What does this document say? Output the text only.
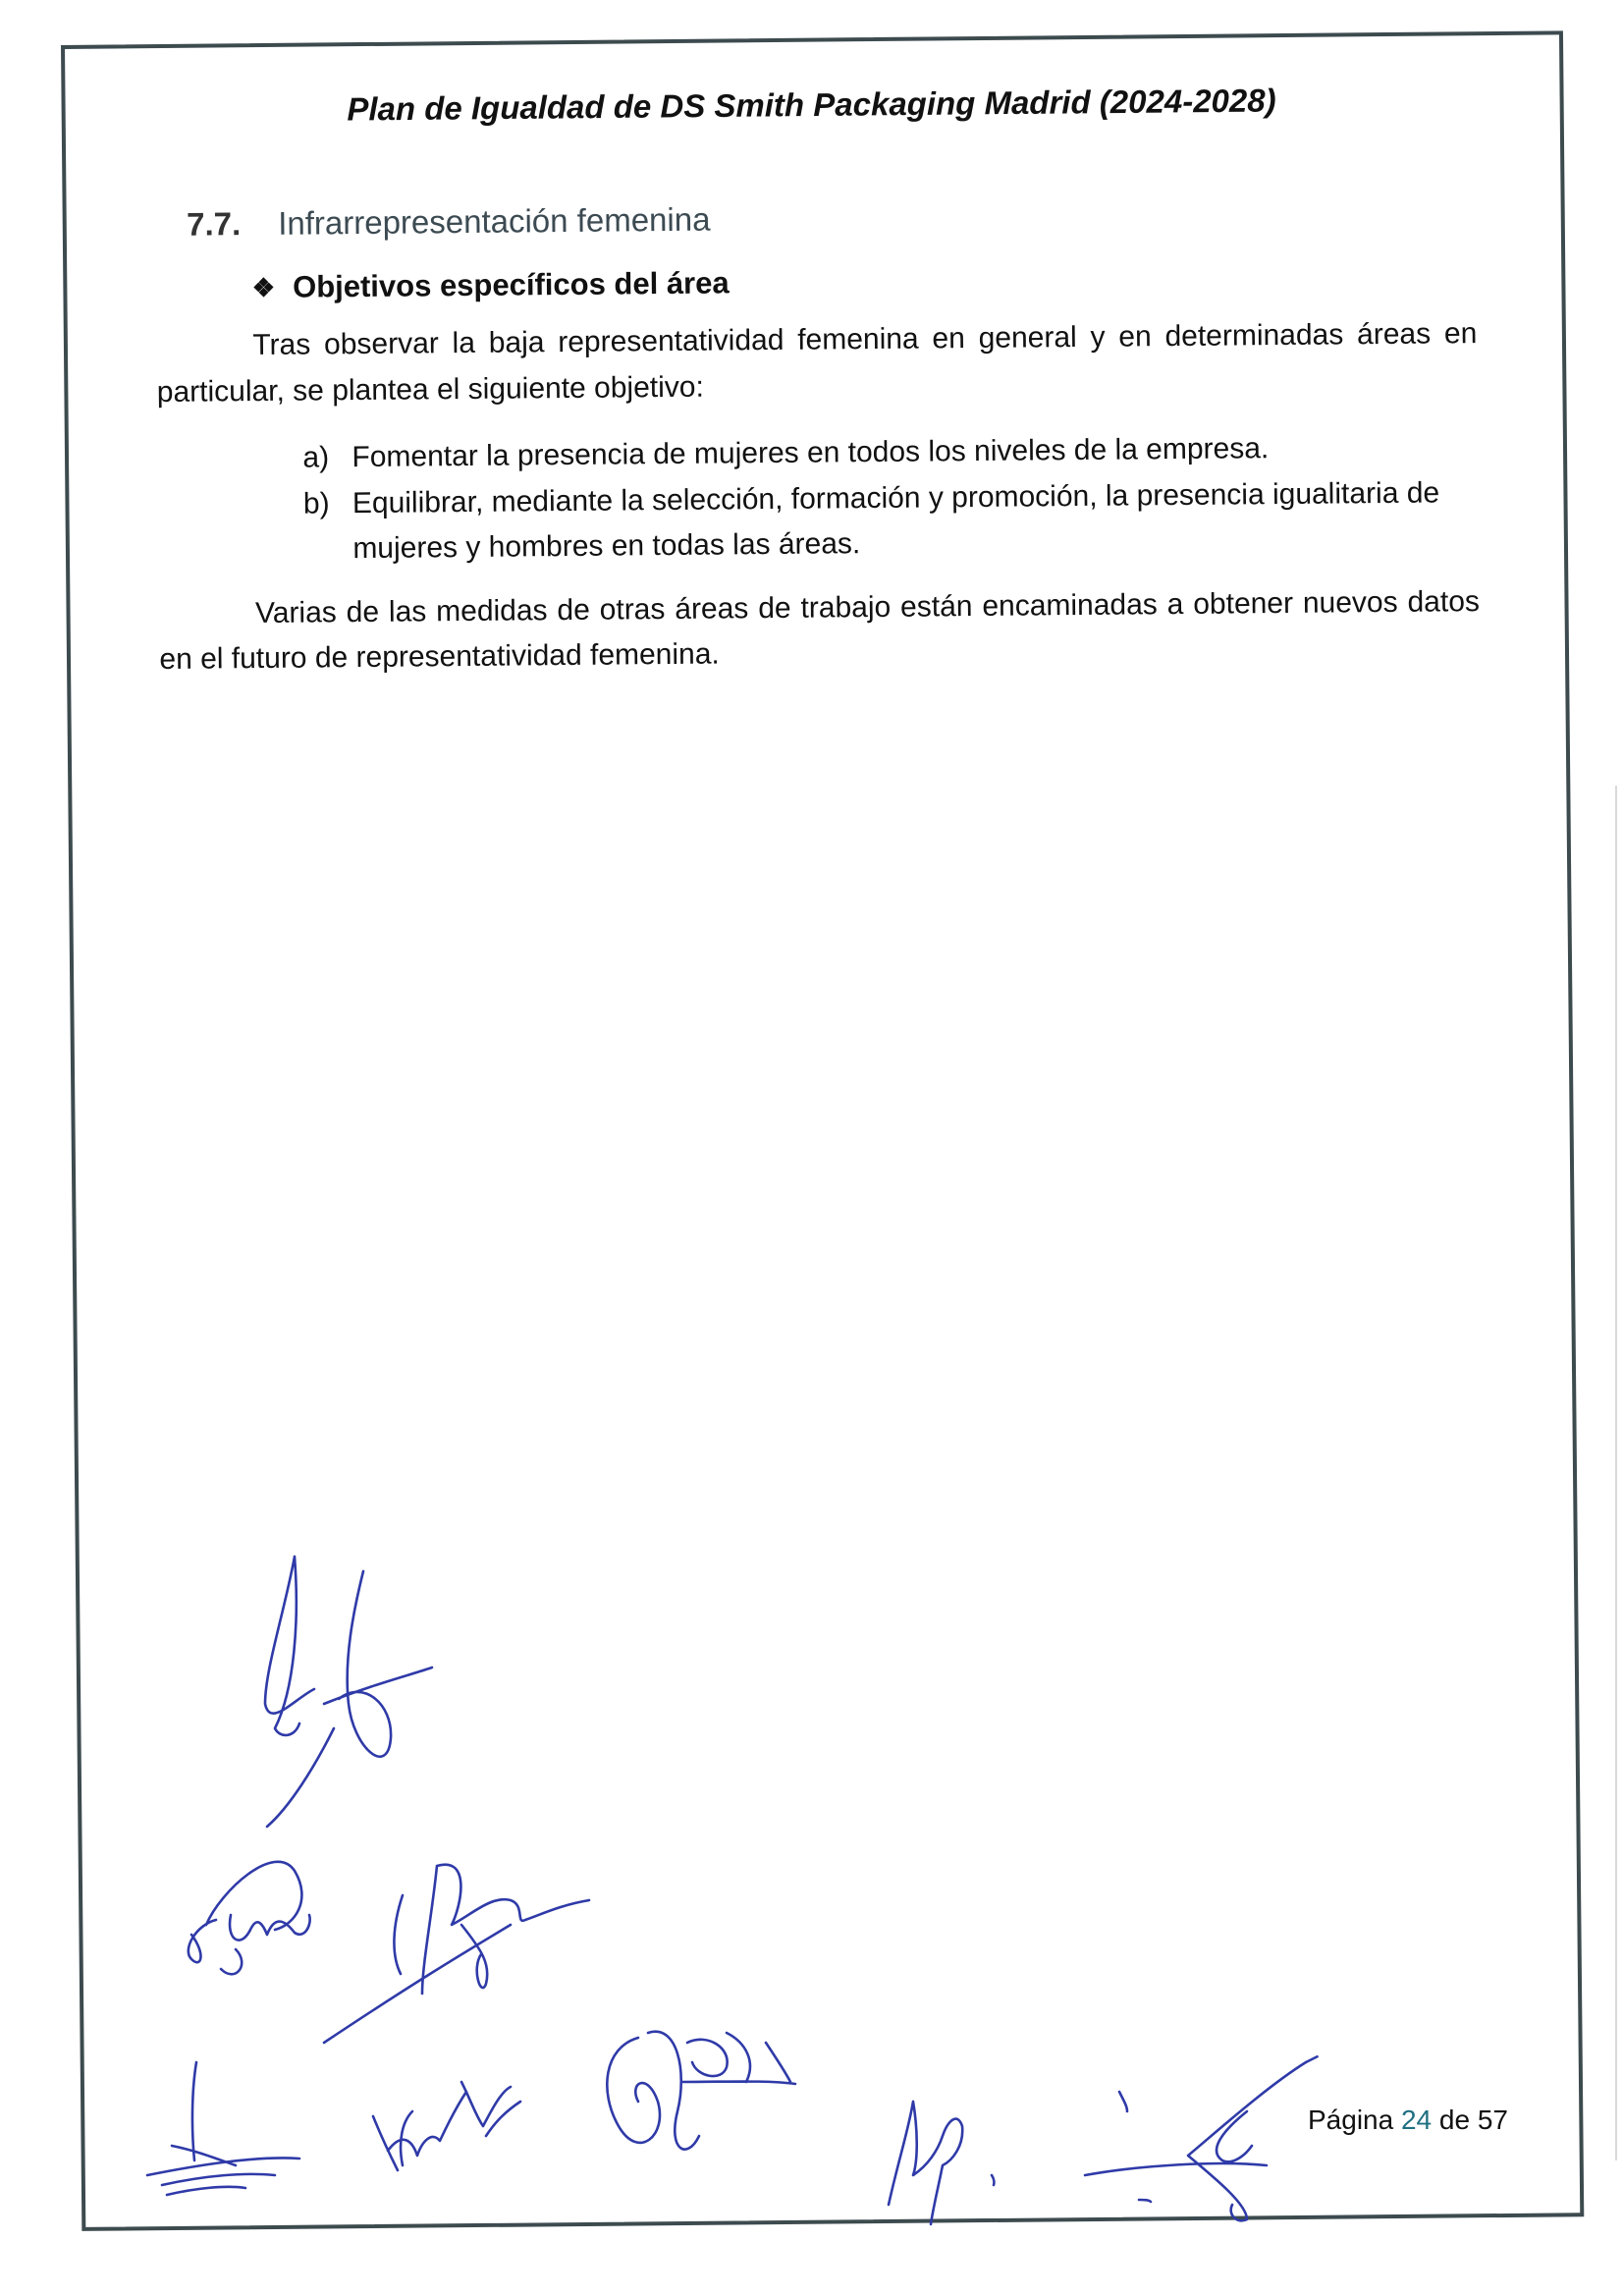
Plan de Igualdad de DS Smith Packaging Madrid (2024-2028)
7.7. Infrarrepresentación femenina
❖ Objetivos específicos del área

Tras observar la baja representatividad femenina en general y en determinadas áreas en particular, se plantea el siguiente objetivo:

a) Fomentar la presencia de mujeres en todos los niveles de la empresa.
b) Equilibrar, mediante la selección, formación y promoción, la presencia igualitaria de mujeres y hombres en todas las áreas.

Varias de las medidas de otras áreas de trabajo están encaminadas a obtener nuevos datos en el futuro de representatividad femenina.

Página 24 de 57
